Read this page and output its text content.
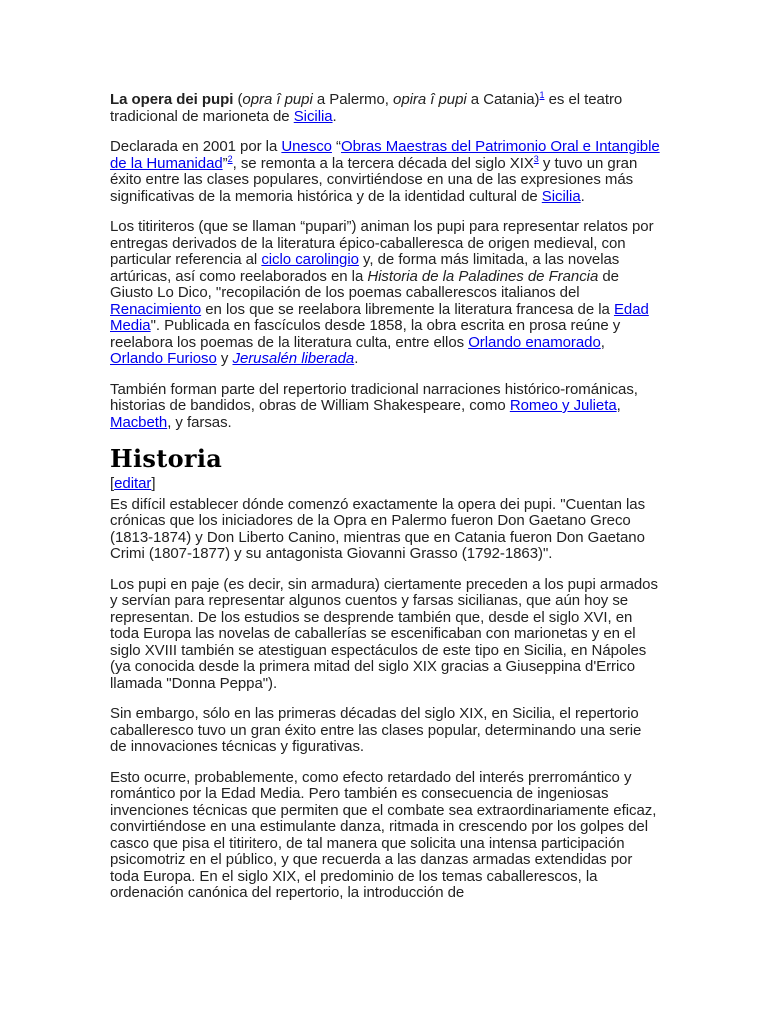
La opera dei pupi (opra î pupi a Palermo, opira î pupi a Catania)$^1$ es el teatro tradicional de marioneta de Sicilia.

Declarada en 2001 por la Unesco “Obras Maestras del Patrimonio Oral e Intangible de la Humanidad”$^2$, se remonta a la tercera década del siglo XIX$^3$ y tuvo un gran éxito entre las clases populares, convirtiéndose en una de las expresiones más significativas de la memoria histórica y de la identidad cultural de Sicilia.

Los titiriteros (que se llaman “pupari”) animan los pupi para representar relatos por entregas derivados de la literatura épico-caballeresca de origen medieval, con particular referencia al ciclo carolingio y, de forma más limitada, a las novelas artúricas, así como reelaborados en la Historia de la Paladines de Francia de Giusto Lo Dico, "recopilación de los poemas caballerescos italianos del Renacimiento en los que se reelabora libremente la literatura francesa de la Edad Media". Publicada en fascículos desde 1858, la obra escrita en prosa reúne y reelabora los poemas de la literatura culta, entre ellos Orlando enamorado, Orlando Furioso y Jerusalén liberada.

También forman parte del repertorio tradicional narraciones histórico-románicas, historias de bandidos, obras de William Shakespeare, como Romeo y Julieta, Macbeth, y farsas.

Historia

[editar]

Es difícil establecer dónde comenzó exactamente la opera dei pupi. "Cuentan las crónicas que los iniciadores de la Opra en Palermo fueron Don Gaetano Greco (1813-1874) y Don Liberto Canino, mientras que en Catania fueron Don Gaetano Crimi (1807-1877) y su antagonista Giovanni Grasso (1792-1863)".

Los pupi en paje (es decir, sin armadura) ciertamente preceden a los pupi armados y servían para representar algunos cuentos y farsas sicilianas, que aún hoy se representan. De los estudios se desprende también que, desde el siglo XVI, en toda Europa las novelas de caballerías se escenificaban con marionetas y en el siglo XVIII también se atestiguan espectáculos de este tipo en Sicilia, en Nápoles (ya conocida desde la primera mitad del siglo XIX gracias a Giuseppina d'Errico llamada "Donna Peppa").

Sin embargo, sólo en las primeras décadas del siglo XIX, en Sicilia, el repertorio caballeresco tuvo un gran éxito entre las clases popular, determinando una serie de innovaciones técnicas y figurativas.

Esto ocurre, probablemente, como efecto retardado del interés prerromántico y romántico por la Edad Media. Pero también es consecuencia de ingeniosas invenciones técnicas que permiten que el combate sea extraordinariamente eficaz, convirtiéndose en una estimulante danza, ritmada in crescendo por los golpes del casco que pisa el titiritero, de tal manera que solicita una intensa participación psicomotriz en el público, y que recuerda a las danzas armadas extendidas por toda Europa. En el siglo XIX, el predominio de los temas caballerescos, la ordenación canónica del repertorio, la introducción de
